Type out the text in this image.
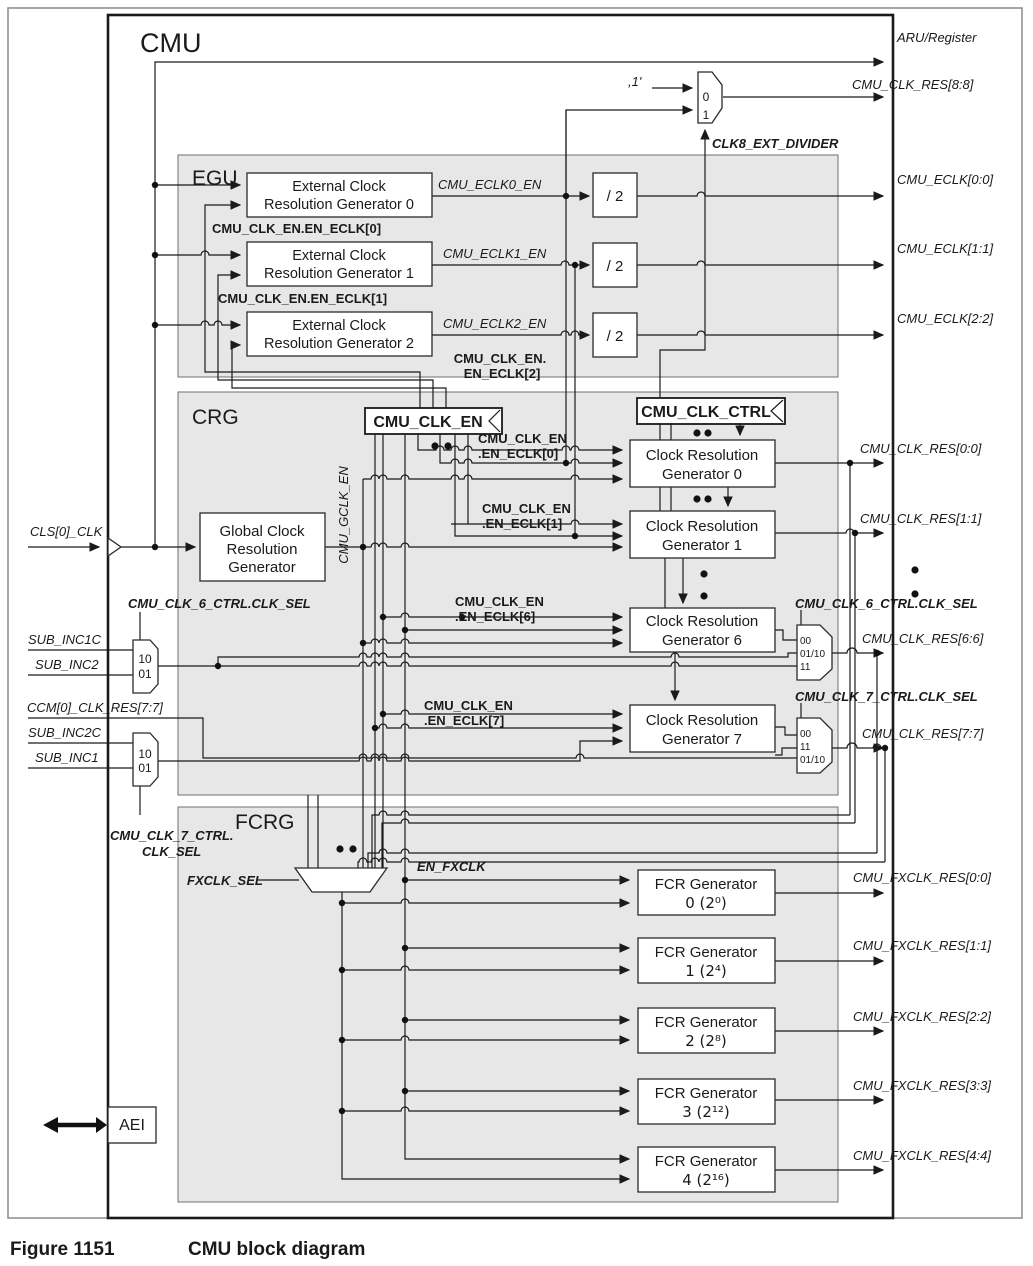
CMU
EGU
CRG
FCRG
0
1
ARU/Register
,1'	CMU_CLK_RES[8:8]
CLK8_EXT_DIVIDER
External Clock
Resolution Generator 0
External Clock
Resolution Generator 1
External Clock
Resolution Generator 2
CMU_CLK_EN.EN_ECLK[0]
CMU_CLK_EN.EN_ECLK[1]
CMU_CLK_EN.
EN_ECLK[2]
CMU_ECLK0_EN
CMU_ECLK1_EN
CMU_ECLK2_EN
/ 2
/ 2
/ 2
CMU_ECLK[0:0]
CMU_ECLK[1:1]
CMU_ECLK[2:2]
CMU_CLK_EN
CMU_CLK_CTRL
CMU_GCLK_EN
Global Clock
Resolution
Generator
CLS[0]_CLK
Clock Resolution
Generator 0
Clock Resolution
Generator 1
Clock Resolution
Generator 6
Clock Resolution
Generator 7
CMU_CLK_EN
.EN_ECLK[0]
CMU_CLK_EN
.EN_ECLK[1]
CMU_CLK_EN
.EN_ECLK[6]
CMU_CLK_EN
.EN_ECLK[7]
CMU_CLK_RES[0:0]
CMU_CLK_RES[1:1]
CMU_CLK_RES[6:6]
CMU_CLK_RES[7:7]
00
01/10
11
00
11
01/10
CMU_CLK_6_CTRL.CLK_SEL
CMU_CLK_7_CTRL.CLK_SEL
CMU_CLK_6_CTRL.CLK_SEL
10
01
10
01
SUB_INC1C
SUB_INC2
CCM[0]_CLK_RES[7:7]
SUB_INC2C
SUB_INC1
CMU_CLK_7_CTRL.
CLK_SEL
FXCLK_SEL
EN_FXCLK
FCR Generator
0 (2⁰)
FCR Generator
1 (2⁴)
FCR Generator
2 (2⁸)
FCR Generator
3 (2¹²)
FCR Generator
4 (2¹⁶)
CMU_FXCLK_RES[0:0]
CMU_FXCLK_RES[1:1]
CMU_FXCLK_RES[2:2]
CMU_FXCLK_RES[3:3]
CMU_FXCLK_RES[4:4]
AEI
Figure 1151	CMU block diagram
